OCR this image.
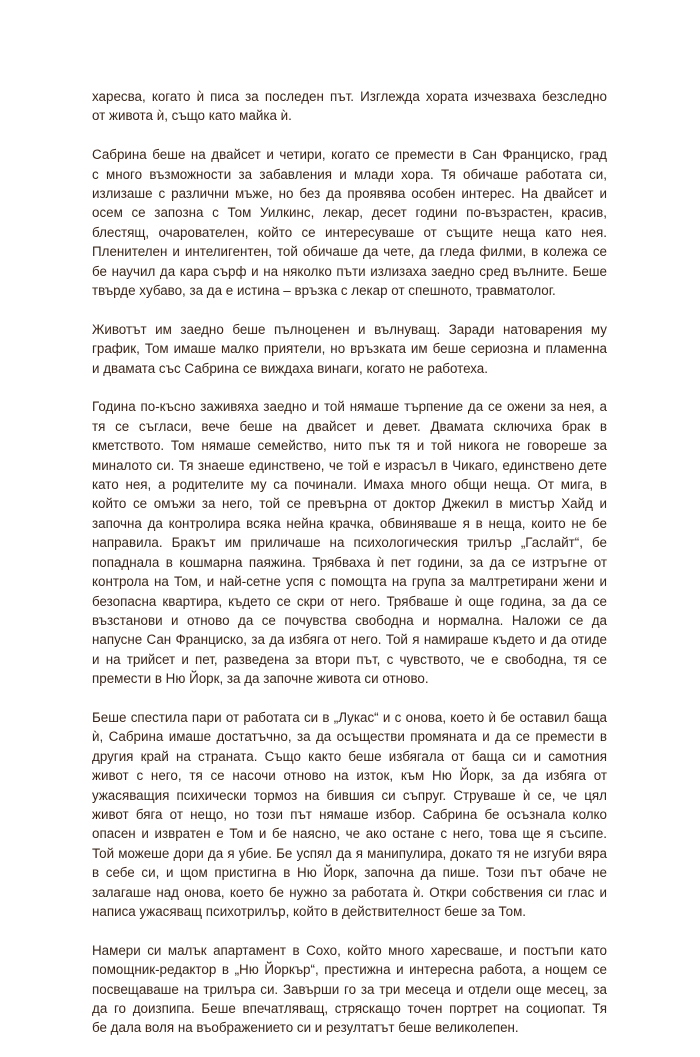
харесва, когато ѝ писа за последен път. Изглежда хората изчезваха безследно
от живота ѝ, също като майка ѝ.

Сабрина беше на двайсет и четири, когато се премести в Сан Франциско, град
с много възможности за забавления и млади хора. Тя обичаше работата си,
излизаше с различни мъже, но без да проявява особен интерес. На двайсет и
осем се запозна с Том Уилкинс, лекар, десет години по-възрастен, красив,
блестящ, очарователен, който се интересуваше от същите неща като нея.
Пленителен и интелигентен, той обичаше да чете, да гледа филми, в колежа се
бе научил да кара сърф и на няколко пъти излизаха заедно сред вълните. Беше
твърде хубаво, за да е истина – връзка с лекар от спешното, травматолог.

Животът им заедно беше пълноценен и вълнуващ. Заради натоварения му
график, Том имаше малко приятели, но връзката им беше сериозна и пламенна
и двамата със Сабрина се виждаха винаги, когато не работеха.

Година по-късно заживяха заедно и той нямаше търпение да се ожени за нея, а
тя се съгласи, вече беше на двайсет и девет. Двамата сключиха брак в
кметството. Том нямаше семейство, нито пък тя и той никога не говореше за
миналото си. Тя знаеше единствено, че той е израсъл в Чикаго, единствено дете
като нея, а родителите му са починали. Имаха много общи неща. От мига, в
който се омъжи за него, той се превърна от доктор Джекил в мистър Хайд и
започна да контролира всяка нейна крачка, обвиняваше я в неща, които не бе
направила. Бракът им приличаше на психологическия трилър „Гаслайт“, бе
попаднала в кошмарна паяжина. Трябваха ѝ пет години, за да се изтръгне от
контрола на Том, и най-сетне успя с помощта на група за малтретирани жени и
безопасна квартира, където се скри от него. Трябваше ѝ още година, за да се
възстанови и отново да се почувства свободна и нормална. Наложи се да
напусне Сан Франциско, за да избяга от него. Той я намираше където и да отиде
и на трийсет и пет, разведена за втори път, с чувството, че е свободна, тя се
премести в Ню Йорк, за да започне живота си отново.

Беше спестила пари от работата си в „Лукас“ и с онова, което ѝ бе оставил баща
ѝ, Сабрина имаше достатъчно, за да осъществи промяната и да се премести в
другия край на страната. Също както беше избягала от баща си и самотния
живот с него, тя се насочи отново на изток, към Ню Йорк, за да избяга от
ужасяващия психически тормоз на бившия си съпруг. Струваше ѝ се, че цял
живот бяга от нещо, но този път нямаше избор. Сабрина бе осъзнала колко
опасен и извратен е Том и бе наясно, че ако остане с него, това ще я съсипе.
Той можеше дори да я убие. Бе успял да я манипулира, докато тя не изгуби вяра
в себе си, и щом пристигна в Ню Йорк, започна да пише. Този път обаче не
залагаше над онова, което бе нужно за работата ѝ. Откри собствения си глас и
написа ужасяващ психотрилър, който в действителност беше за Том.

Намери си малък апартамент в Сохо, който много харесваше, и постъпи като
помощник-редактор в „Ню Йоркър“, престижна и интересна работа, а нощем се
посвещаваше на трилъра си. Завърши го за три месеца и отдели още месец, за
да го доизпипа. Беше впечатляващ, стряскащо точен портрет на социопат. Тя
бе дала воля на въображението си и резултатът беше великолепен.
